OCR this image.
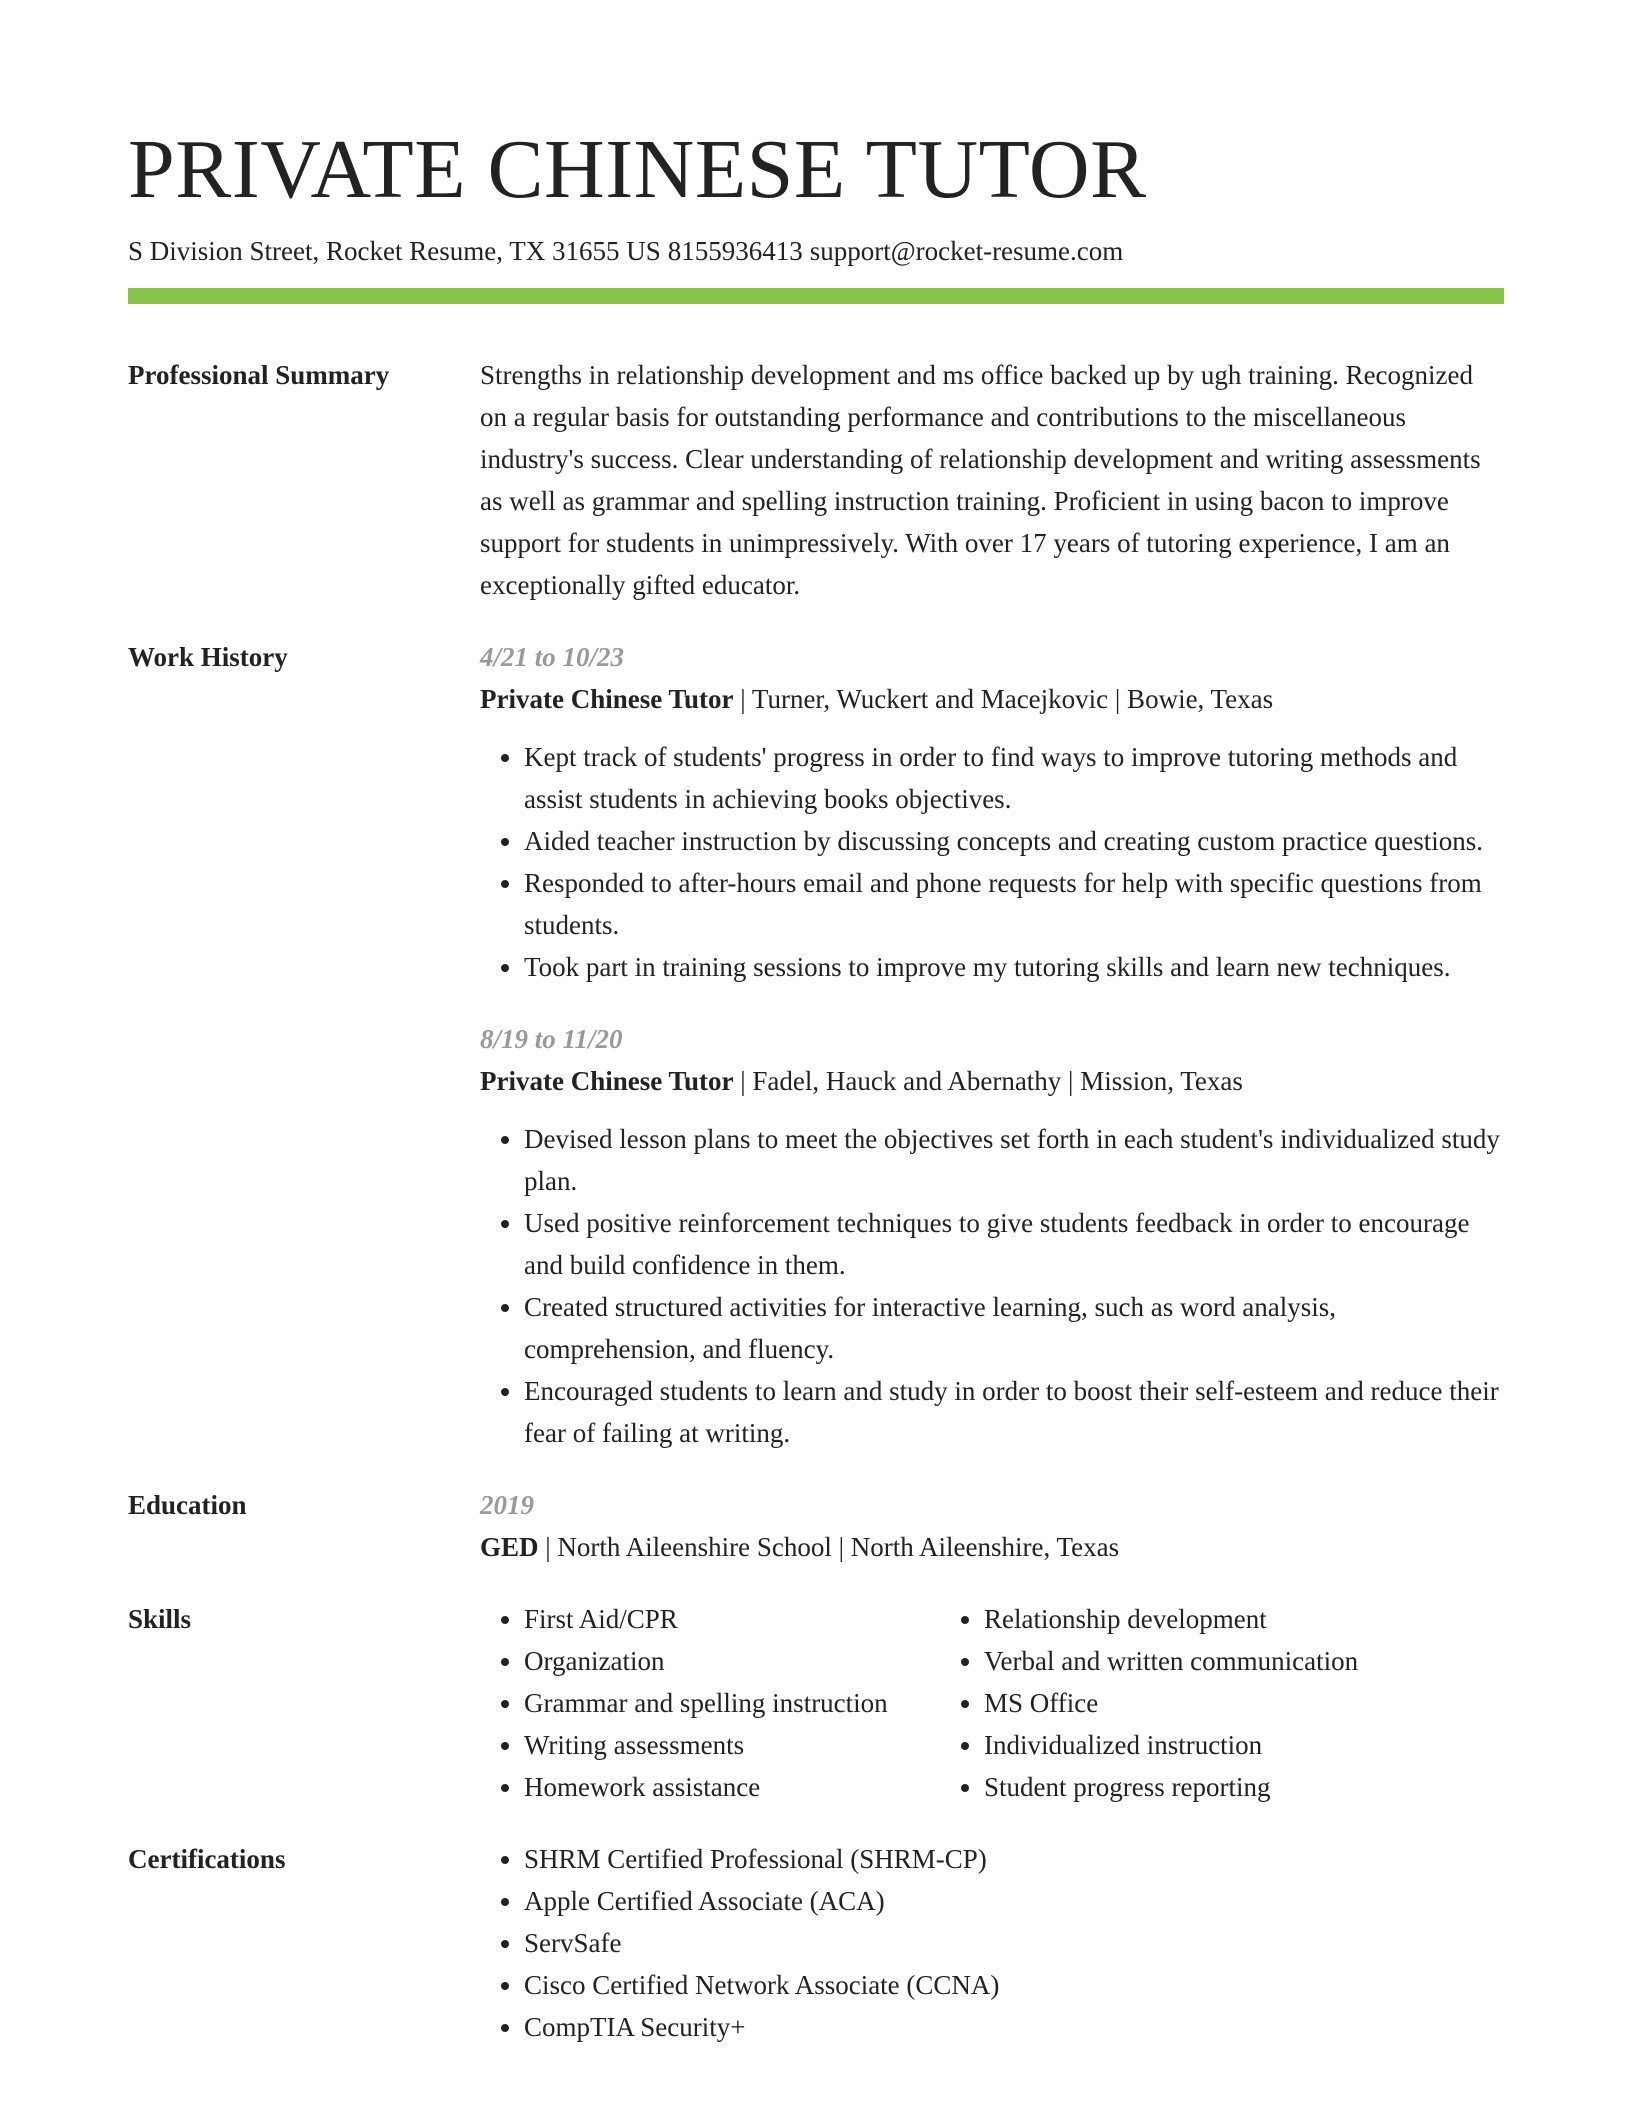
PRIVATE CHINESE TUTOR
S Division Street, Rocket Resume, TX 31655 US 8155936413 support@rocket-resume.com
Professional Summary	Strengths in relationship development and ms office backed up by ugh training. Recognized on a regular basis for outstanding performance and contributions to the miscellaneous industry's success. Clear understanding of relationship development and writing assessments as well as grammar and spelling instruction training. Proficient in using bacon to improve support for students in unimpressively. With over 17 years of tutoring experience, I am an exceptionally gifted educator.
Work History	4/21 to 10/23
Private Chinese Tutor | Turner, Wuckert and Macejkovic | Bowie, Texas
• Kept track of students' progress in order to find ways to improve tutoring methods and assist students in achieving books objectives.
• Aided teacher instruction by discussing concepts and creating custom practice questions.
• Responded to after-hours email and phone requests for help with specific questions from students.
• Took part in training sessions to improve my tutoring skills and learn new techniques.
8/19 to 11/20
Private Chinese Tutor | Fadel, Hauck and Abernathy | Mission, Texas
• Devised lesson plans to meet the objectives set forth in each student's individualized study plan.
• Used positive reinforcement techniques to give students feedback in order to encourage and build confidence in them.
• Created structured activities for interactive learning, such as word analysis, comprehension, and fluency.
• Encouraged students to learn and study in order to boost their self-esteem and reduce their fear of failing at writing.
Education	2019
GED | North Aileenshire School | North Aileenshire, Texas
Skills	• First Aid/CPR
• Organization
• Grammar and spelling instruction
• Writing assessments
• Homework assistance
• Relationship development
• Verbal and written communication
• MS Office
• Individualized instruction
• Student progress reporting
Certifications	• SHRM Certified Professional (SHRM-CP)
• Apple Certified Associate (ACA)
• ServSafe
• Cisco Certified Network Associate (CCNA)
• CompTIA Security+
